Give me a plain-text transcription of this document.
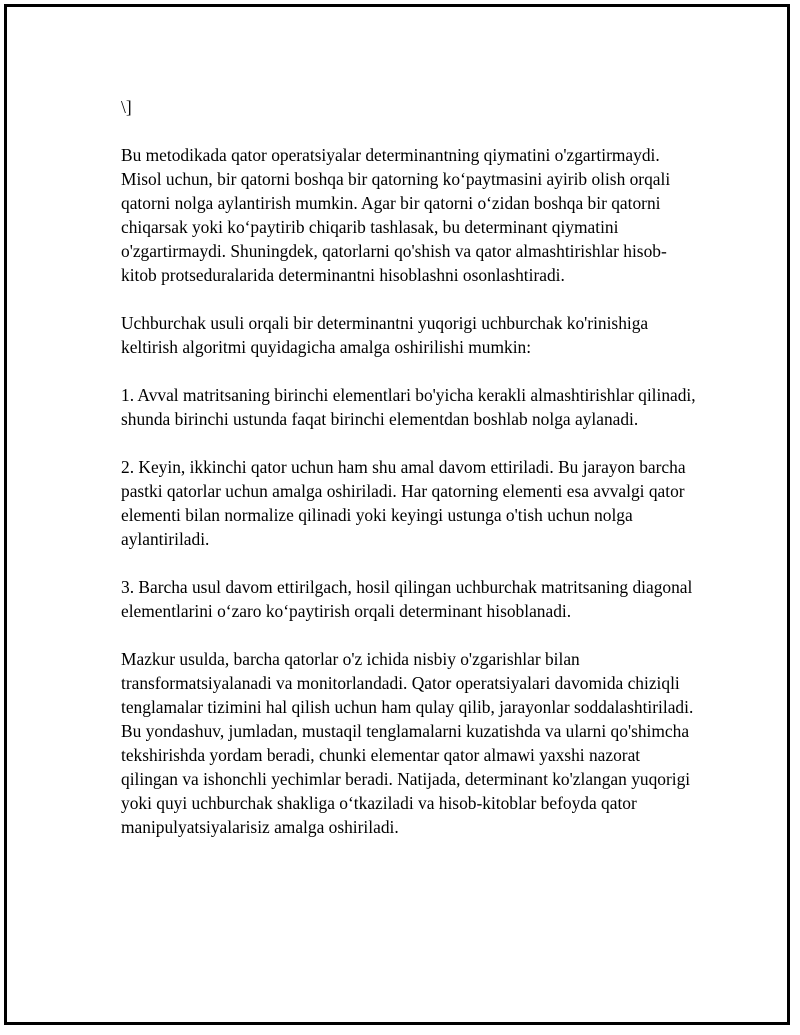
\]

Bu metodikada qator operatsiyalar determinantning qiymatini o'zgartirmaydi. Misol uchun, bir qatorni boshqa bir qatorning koʻpaytmasini ayirib olish orqali qatorni nolga aylantirish mumkin. Agar bir qatorni oʻzidan boshqa bir qatorni chiqarsak yoki koʻpaytirib chiqarib tashlasak, bu determinant qiymatini o'zgartirmaydi. Shuningdek, qatorlarni qo'shish va qator almashtirishlar hisob-kitob protseduralarida determinantni hisoblashni osonlashtiradi.

Uchburchak usuli orqali bir determinantni yuqorigi uchburchak ko'rinishiga keltirish algoritmi quyidagicha amalga oshirilishi mumkin:

1. Avval matritsaning birinchi elementlari bo'yicha kerakli almashtirishlar qilinadi, shunda birinchi ustunda faqat birinchi elementdan boshlab nolga aylanadi.

2. Keyin, ikkinchi qator uchun ham shu amal davom ettiriladi. Bu jarayon barcha pastki qatorlar uchun amalga oshiriladi. Har qatorning elementi esa avvalgi qator elementi bilan normalize qilinadi yoki keyingi ustunga o'tish uchun nolga aylantiriladi.

3. Barcha usul davom ettirilgach, hosil qilingan uchburchak matritsaning diagonal elementlarini oʻzaro koʻpaytirish orqali determinant hisoblanadi.

Mazkur usulda, barcha qatorlar o'z ichida nisbiy o'zgarishlar bilan transformatsiyalanadi va monitorlandadi. Qator operatsiyalari davomida chiziqli tenglamalar tizimini hal qilish uchun ham qulay qilib, jarayonlar soddalashtiriladi. Bu yondashuv, jumladan, mustaqil tenglamalarni kuzatishda va ularni qo'shimcha tekshirishda yordam beradi, chunki elementar qator almawi yaxshi nazorat qilingan va ishonchli yechimlar beradi. Natijada, determinant ko'zlangan yuqorigi yoki quyi uchburchak shakliga oʻtkaziladi va hisob-kitoblar befoyda qator manipulyatsiyalarisiz amalga oshiriladi.
